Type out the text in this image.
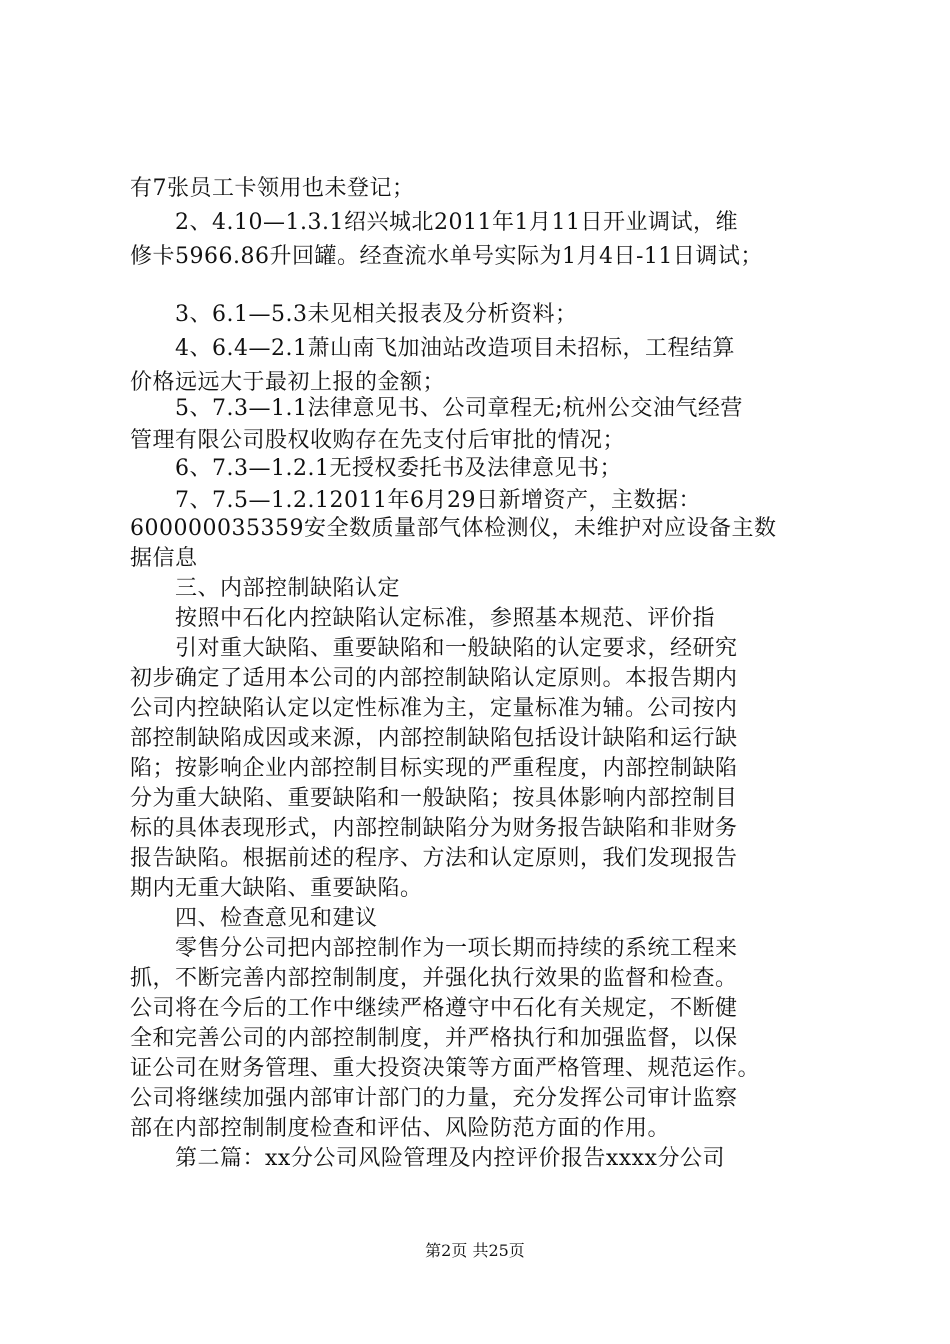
有7张员工卡领用也未登记；
　　2、4.10—1.3.1绍兴城北2011年1月11日开业调试，维
修卡5966.86升回罐。经查流水单号实际为1月4日-11日调试；
　　3、6.1—5.3未见相关报表及分析资料；
　　4、6.4—2.1萧山南飞加油站改造项目未招标，工程结算
价格远远大于最初上报的金额；
　　5、7.3—1.1法律意见书、公司章程无;杭州公交油气经营
管理有限公司股权收购存在先支付后审批的情况；
　　6、7.3—1.2.1无授权委托书及法律意见书；
　　7、7.5—1.2.12011年6月29日新增资产，主数据：
600000035359安全数质量部气体检测仪，未维护对应设备主数
据信息
　　三、内部控制缺陷认定
　　按照中石化内控缺陷认定标准，参照基本规范、评价指
　　引对重大缺陷、重要缺陷和一般缺陷的认定要求，经研究
初步确定了适用本公司的内部控制缺陷认定原则。本报告期内
公司内控缺陷认定以定性标准为主，定量标准为辅。公司按内
部控制缺陷成因或来源，内部控制缺陷包括设计缺陷和运行缺
陷；按影响企业内部控制目标实现的严重程度，内部控制缺陷
分为重大缺陷、重要缺陷和一般缺陷；按具体影响内部控制目
标的具体表现形式，内部控制缺陷分为财务报告缺陷和非财务
报告缺陷。根据前述的程序、方法和认定原则，我们发现报告
期内无重大缺陷、重要缺陷。
　　四、检查意见和建议
　　零售分公司把内部控制作为一项长期而持续的系统工程来
抓，不断完善内部控制制度，并强化执行效果的监督和检查。
公司将在今后的工作中继续严格遵守中石化有关规定，不断健
全和完善公司的内部控制制度，并严格执行和加强监督，以保
证公司在财务管理、重大投资决策等方面严格管理、规范运作。
公司将继续加强内部审计部门的力量，充分发挥公司审计监察
部在内部控制制度检查和评估、风险防范方面的作用。
　　第二篇：xx分公司风险管理及内控评价报告xxxx分公司
第2页 共25页
